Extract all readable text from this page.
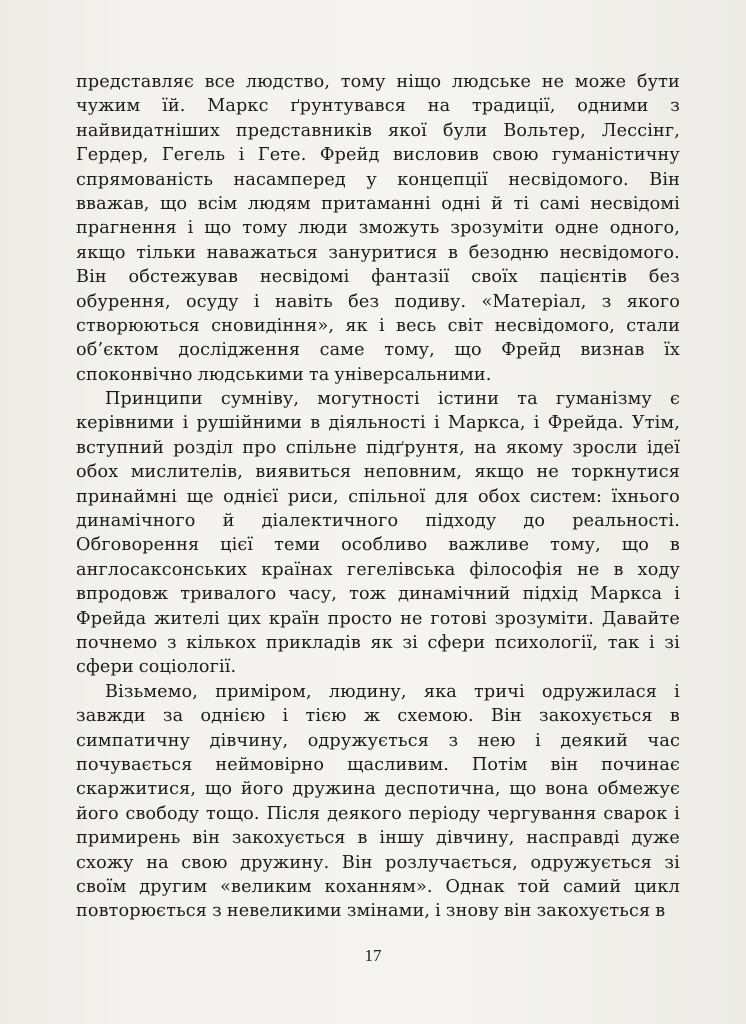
представляє все людство, тому ніщо людське не може бути
чужим їй. Маркс ґрунтувався на традиції, одними з
найвидатніших представників якої були Вольтер, Лессінг,
Гердер, Гегель і Гете. Фрейд висловив свою гуманістичну
спрямованість насамперед у концепції несвідомого. Він
вважав, що всім людям притаманні одні й ті самі несвідомі
прагнення і що тому люди зможуть зрозуміти одне одного,
якщо тільки наважаться зануритися в безодню несвідомого.
Він обстежував несвідомі фантазії своїх пацієнтів без
обурення, осуду і навіть без подиву. «Матеріал, з якого
створюються сновидіння», як і весь світ несвідомого, стали
об’єктом дослідження саме тому, що Фрейд визнав їх
споконвічно людськими та універсальними.
Принципи сумніву, могутності істини та гуманізму є
керівними і рушійними в діяльності і Маркса, і Фрейда. Утім,
вступний розділ про спільне підґрунтя, на якому зросли ідеї
обох мислителів, виявиться неповним, якщо не торкнутися
принаймні ще однієї риси, спільної для обох систем: їхнього
динамічного й діалектичного підходу до реальності.
Обговорення цієї теми особливо важливе тому, що в
англосаксонських країнах гегелівська філософія не в ходу
впродовж тривалого часу, тож динамічний підхід Маркса і
Фрейда жителі цих країн просто не готові зрозуміти. Давайте
почнемо з кількох прикладів як зі сфери психології, так і зі
сфери соціології.
Візьмемо, приміром, людину, яка тричі одружилася і
завжди за однією і тією ж схемою. Він закохується в
симпатичну дівчину, одружується з нею і деякий час
почувається неймовірно щасливим. Потім він починає
скаржитися, що його дружина деспотична, що вона обмежує
його свободу тощо. Після деякого періоду чергування сварок і
примирень він закохується в іншу дівчину, насправді дуже
схожу на свою дружину. Він розлучається, одружується зі
своїм другим «великим коханням». Однак той самий цикл
повторюється з невеликими змінами, і знову він закохується в
17
